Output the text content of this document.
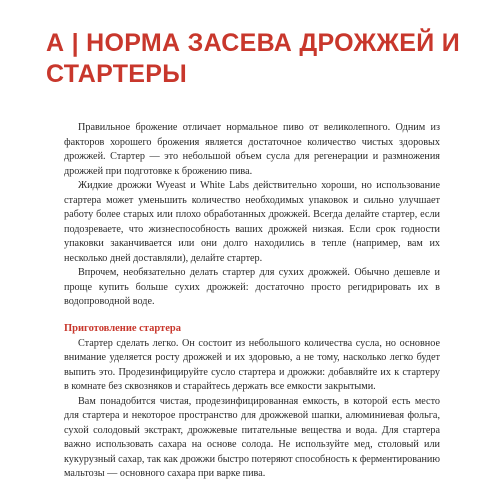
А | НОРМА ЗАСЕВА ДРОЖЖЕЙ И СТАРТЕРЫ

Правильное брожение отличает нормальное пиво от великолепного. Одним из факторов хорошего брожения является достаточное количество чистых здоровых дрожжей. Стартер — это небольшой объем сусла для регенерации и размножения дрожжей при подготовке к брожению пива.

Жидкие дрожжи Wyeast и White Labs действительно хороши, но использование стартера может уменьшить количество необходимых упаковок и сильно улучшает работу более старых или плохо обработанных дрожжей. Всегда делайте стартер, если подозреваете, что жизнеспособность ваших дрожжей низкая. Если срок годности упаковки заканчивается или они долго находились в тепле (например, вам их несколько дней доставляли), делайте стартер.

Впрочем, необязательно делать стартер для сухих дрожжей. Обычно дешевле и проще купить больше сухих дрожжей: достаточно просто регидрировать их в водопроводной воде.

Приготовление стартера

Стартер сделать легко. Он состоит из небольшого количества сусла, но основное внимание уделяется росту дрожжей и их здоровью, а не тому, насколько легко будет выпить это. Продезинфицируйте сусло стартера и дрожжи: добавляйте их к стартеру в комнате без сквозняков и старайтесь держать все емкости закрытыми.

Вам понадобится чистая, продезинфицированная емкость, в которой есть место для стартера и некоторое пространство для дрожжевой шапки, алюминиевая фольга, сухой солодовый экстракт, дрожжевые питательные вещества и вода. Для стартера важно использовать сахара на основе солода. Не используйте мед, столовый или кукурузный сахар, так как дрожжи быстро потеряют способность к ферментированию мальтозы — основного сахара при варке пива.
